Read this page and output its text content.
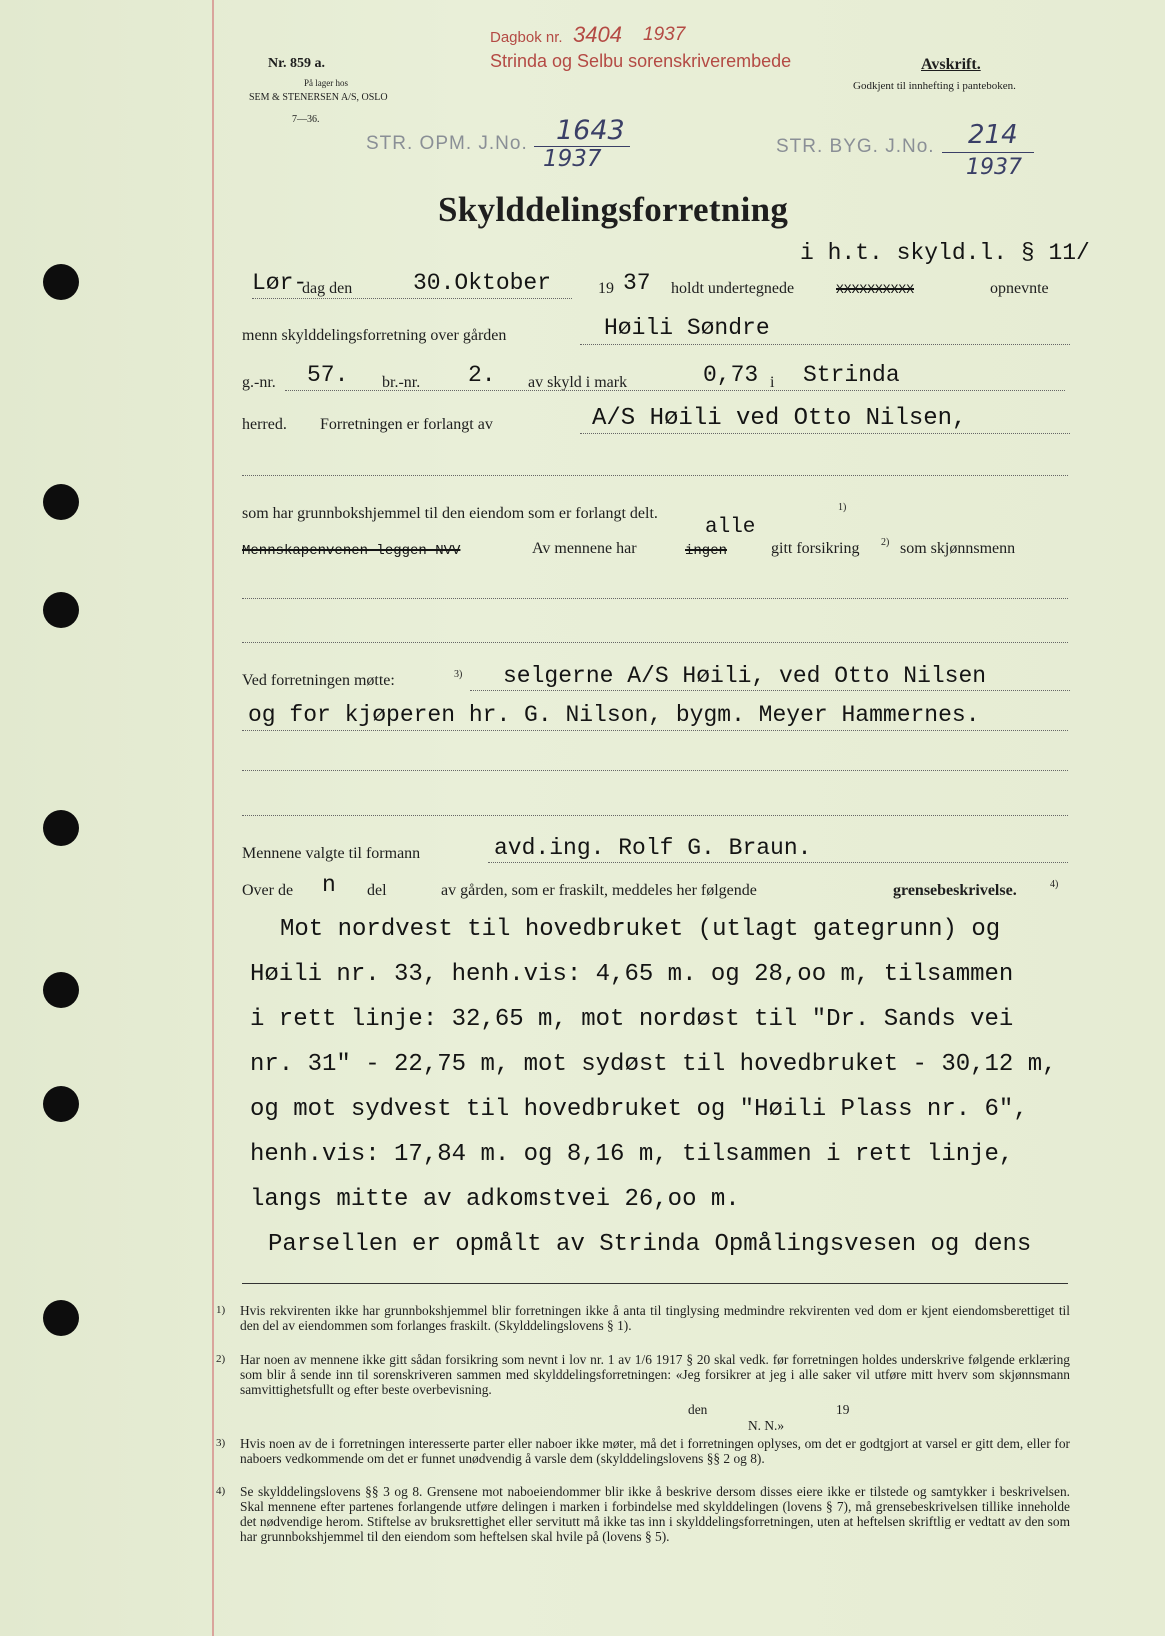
Nr. 859 a.
På lager hos
SEM & STENERSEN A/S, OSLO
7—36.
Dagbok nr. 3404 1937
Strinda og Selbu sorenskriverembede	Avskrift.
Godkjent til innhefting i panteboken.
STR. OPM. J.No. 1643
1937	STR. BYG. J.No. 214
1937
Skylddelingsforretning
i h.t. skyld.l. § 11/
Lør-
dag den	30.Oktober	19 37 holdt undertegnede	XXXXXXXXXX	opnevnte
menn skylddelingsforretning over gården	Høili Søndre
g.-nr. 57. br.-nr. 2. av skyld i mark	0,73 i Strinda
herred. Forretningen er forlangt av	A/S Høili ved Otto Nilsen,
som har grunnbokshjemmel til den eiendom som er forlangt delt.	1)
Mennskapenvenen leggen NVV	Av mennene har	ingen
alle
gitt forsikring 2) som skjønnsmenn
Ved forretningen møtte:	3) selgerne A/S Høili, ved Otto Nilsen
og for kjøperen hr. G. Nilson, bygm. Meyer Hammernes.
Mennene valgte til formann	avd.ing. Rolf G. Braun.
Over de n del	av gården, som er fraskilt, meddeles her følgende	grensebeskrivelse.	4)
Mot nordvest til hovedbruket (utlagt gategrunn) og
Høili nr. 33, henh.vis: 4,65 m. og 28,oo m, tilsammen
i rett linje: 32,65 m, mot nordøst til "Dr. Sands vei
nr. 31" - 22,75 m, mot sydøst til hovedbruket - 30,12 m,
og mot sydvest til hovedbruket og "Høili Plass nr. 6",
henh.vis: 17,84 m. og 8,16 m, tilsammen i rett linje,
langs mitte av adkomstvei 26,oo m.
Parsellen er opmålt av Strinda Opmålingsvesen og dens
1) Hvis rekvirenten ikke har grunnbokshjemmel blir forretningen ikke å anta til tinglysing medmindre rekvirenten ved dom er kjent eiendomsberettiget til den del av eiendommen som forlanges fraskilt. (Skylddelingslovens § 1).
2) Har noen av mennene ikke gitt sådan forsikring som nevnt i lov nr. 1 av 1/6 1917 § 20 skal vedk. før forretningen holdes underskrive følgende erklæring som blir å sende inn til sorenskriveren sammen med skylddelingsforretningen: «Jeg forsikrer at jeg i alle saker vil utføre mitt hverv som skjønnsmann samvittighetsfullt og efter beste overbevisning.
den	19
N. N.»
3) Hvis noen av de i forretningen interesserte parter eller naboer ikke møter, må det i forretningen oplyses, om det er godtgjort at varsel er gitt dem, eller for naboers vedkommende om det er funnet unødvendig å varsle dem (skylddelingslovens §§ 2 og 8).
4) Se skylddelingslovens §§ 3 og 8. Grensene mot naboeiendommer blir ikke å beskrive dersom disses eiere ikke er tilstede og samtykker i beskrivelsen. Skal mennene efter partenes forlangende utføre delingen i marken i forbindelse med skylddelingen (lovens § 7), må grensebeskrivelsen tillike inneholde det nødvendige herom. Stiftelse av bruksrettighet eller servitutt må ikke tas inn i skylddelingsforretningen, uten at heftelsen skriftlig er vedtatt av den som har grunnbokshjemmel til den eiendom som heftelsen skal hvile på (lovens § 5).
